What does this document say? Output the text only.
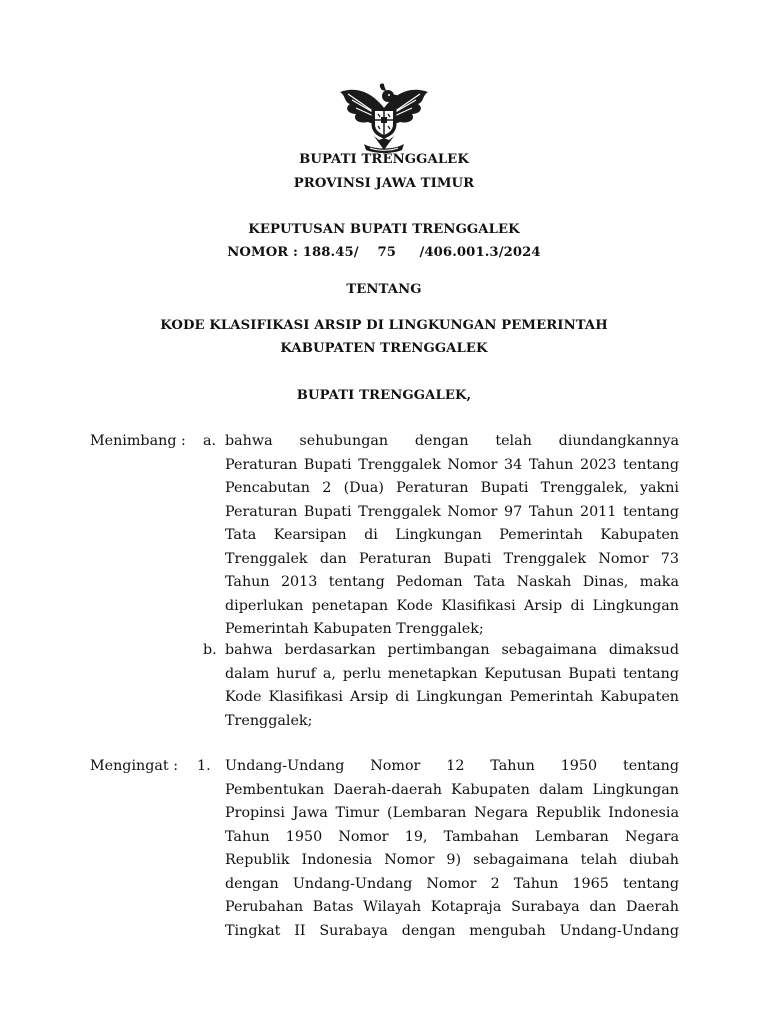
BUPATI TRENGGALEK
PROVINSI JAWA TIMUR
KEPUTUSAN BUPATI TRENGGALEK
NOMOR : 188.45/    75     /406.001.3/2024
TENTANG
KODE KLASIFIKASI ARSIP DI LINGKUNGAN PEMERINTAH
KABUPATEN TRENGGALEK
BUPATI TRENGGALEK,
Menimbang : a. bahwa sehubungan dengan telah diundangkannya
Peraturan Bupati Trenggalek Nomor 34 Tahun 2023 tentang
Pencabutan 2 (Dua) Peraturan Bupati Trenggalek, yakni
Peraturan Bupati Trenggalek Nomor 97 Tahun 2011 tentang
Tata Kearsipan di Lingkungan Pemerintah Kabupaten
Trenggalek dan Peraturan Bupati Trenggalek Nomor 73
Tahun 2013 tentang Pedoman Tata Naskah Dinas, maka
diperlukan penetapan Kode Klasifikasi Arsip di Lingkungan
Pemerintah Kabupaten Trenggalek;
b. bahwa berdasarkan pertimbangan sebagaimana dimaksud
dalam huruf a, perlu menetapkan Keputusan Bupati tentang
Kode Klasifikasi Arsip di Lingkungan Pemerintah Kabupaten
Trenggalek;
Mengingat : 1. Undang-Undang Nomor 12 Tahun 1950 tentang
Pembentukan Daerah-daerah Kabupaten dalam Lingkungan
Propinsi Jawa Timur (Lembaran Negara Republik Indonesia
Tahun 1950 Nomor 19, Tambahan Lembaran Negara
Republik Indonesia Nomor 9) sebagaimana telah diubah
dengan Undang-Undang Nomor 2 Tahun 1965 tentang
Perubahan Batas Wilayah Kotapraja Surabaya dan Daerah
Tingkat II Surabaya dengan mengubah Undang-Undang
